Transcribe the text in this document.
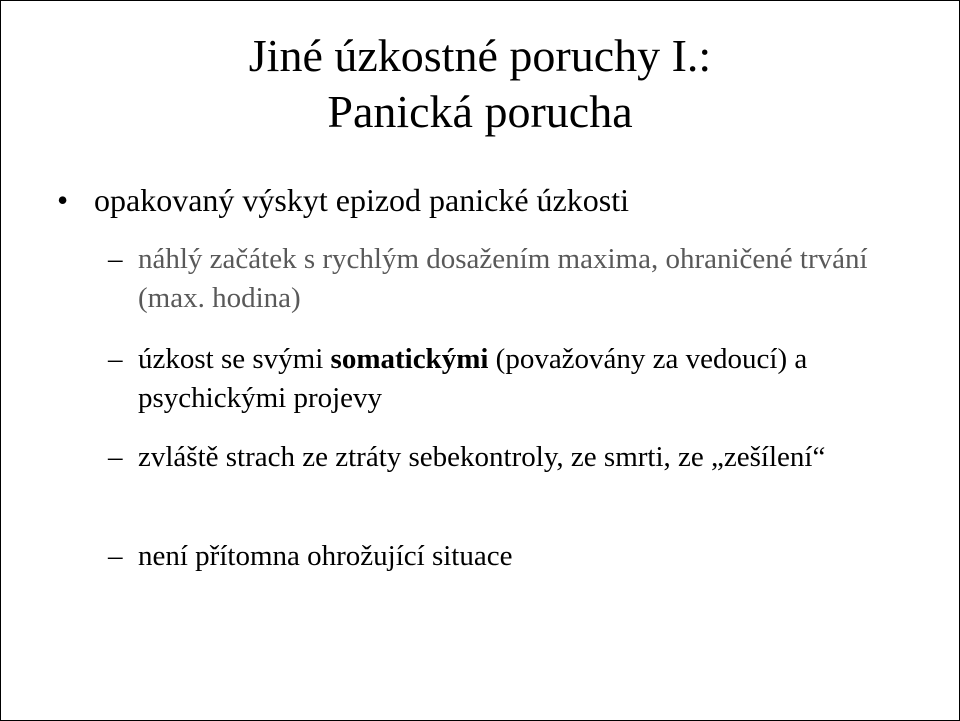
Jiné úzkostné poruchy I.:
Panická porucha
• opakovaný výskyt epizod panické úzkosti
– náhlý začátek s rychlým dosažením maxima, ohraničené trvání (max. hodina)
– úzkost se svými somatickými (považovány za vedoucí) a psychickými projevy
– zvláště strach ze ztráty sebekontroly, ze smrti, ze „zešílení“
– není přítomna ohrožující situace
